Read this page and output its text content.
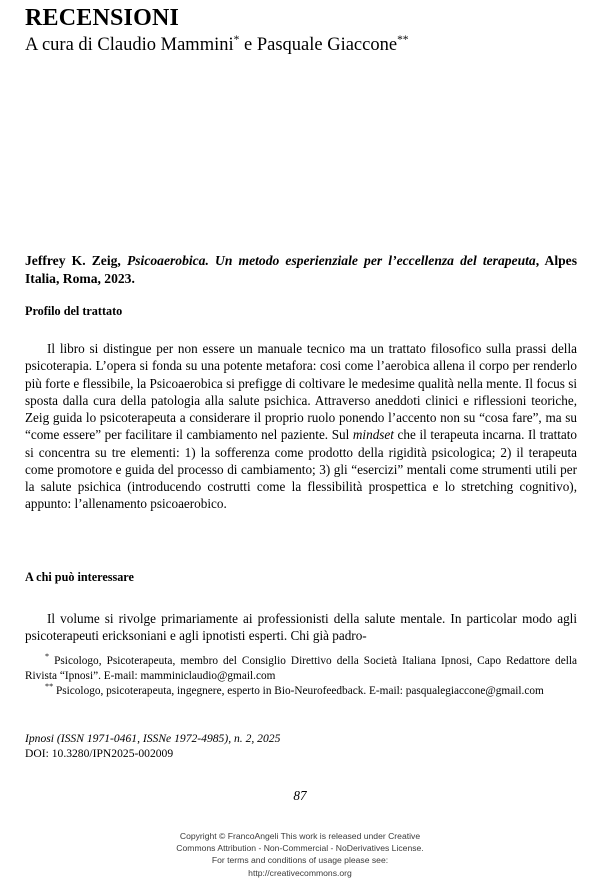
RECENSIONI

A cura di Claudio Mammini* e Pasquale Giaccone**

Jeffrey K. Zeig, Psicoaerobica. Un metodo esperienziale per l’eccellenza del terapeuta, Alpes Italia, Roma, 2023.

Profilo del trattato

Il libro si distingue per non essere un manuale tecnico ma un trattato filosofico sulla prassi della psicoterapia. L’opera si fonda su una potente metafora: cosi come l’aerobica allena il corpo per renderlo più forte e flessibile, la Psicoaerobica si prefigge di coltivare le medesime qualità nella mente. Il focus si sposta dalla cura della patologia alla salute psichica. Attraverso aneddoti clinici e riflessioni teoriche, Zeig guida lo psicoterapeuta a considerare il proprio ruolo ponendo l’accento non su “cosa fare”, ma su “come essere” per facilitare il cambiamento nel paziente. Sul mindset che il terapeuta incarna. Il trattato si concentra su tre elementi: 1) la sofferenza come prodotto della rigidità psicologica; 2) il terapeuta come promotore e guida del processo di cambiamento; 3) gli “esercizi” mentali come strumenti utili per la salute psichica (introducendo costrutti come la flessibilità prospettica e lo stretching cognitivo), appunto: l’allenamento psicoaerobico.

A chi può interessare

Il volume si rivolge primariamente ai professionisti della salute mentale. In particolar modo agli psicoterapeuti ericksoniani e agli ipnotisti esperti. Chi già padro-

* Psicologo, Psicoterapeuta, membro del Consiglio Direttivo della Società Italiana Ipnosi, Capo Redattore della Rivista “Ipnosi”. E-mail: mamminiclaudio@gmail.com

** Psicologo, psicoterapeuta, ingegnere, esperto in Bio-Neurofeedback. E-mail: pasqualegiaccone@gmail.com

Ipnosi (ISSN 1971-0461, ISSNe 1972-4985), n. 2, 2025
DOI: 10.3280/IPN2025-002009
87
Copyright © FrancoAngeli This work is released under Creative
Commons Attribution - Non-Commercial - NoDerivatives License.
For terms and conditions of usage please see:
http://creativecommons.org
